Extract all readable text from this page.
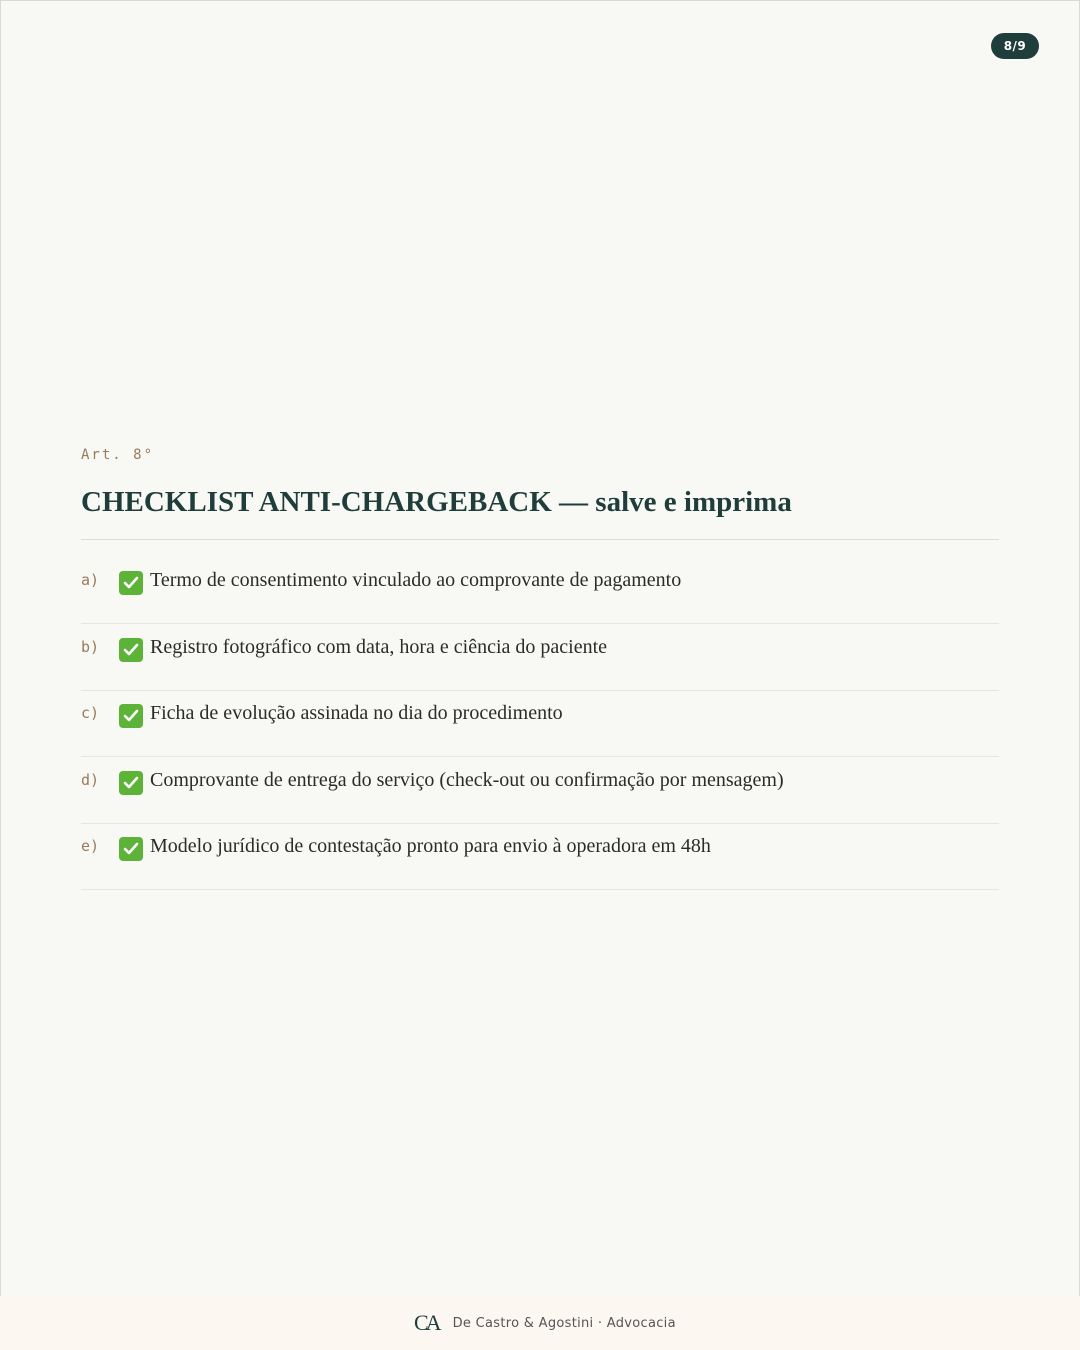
8/9
Art. 8°
CHECKLIST ANTI-CHARGEBACK — salve e imprima
a)	Termo de consentimento vinculado ao comprovante de pagamento
b)	Registro fotográfico com data, hora e ciência do paciente
c)	Ficha de evolução assinada no dia do procedimento
d)	Comprovante de entrega do serviço (check-out ou confirmação por mensagem)
e)	Modelo jurídico de contestação pronto para envio à operadora em 48h
CA De Castro & Agostini · Advocacia
